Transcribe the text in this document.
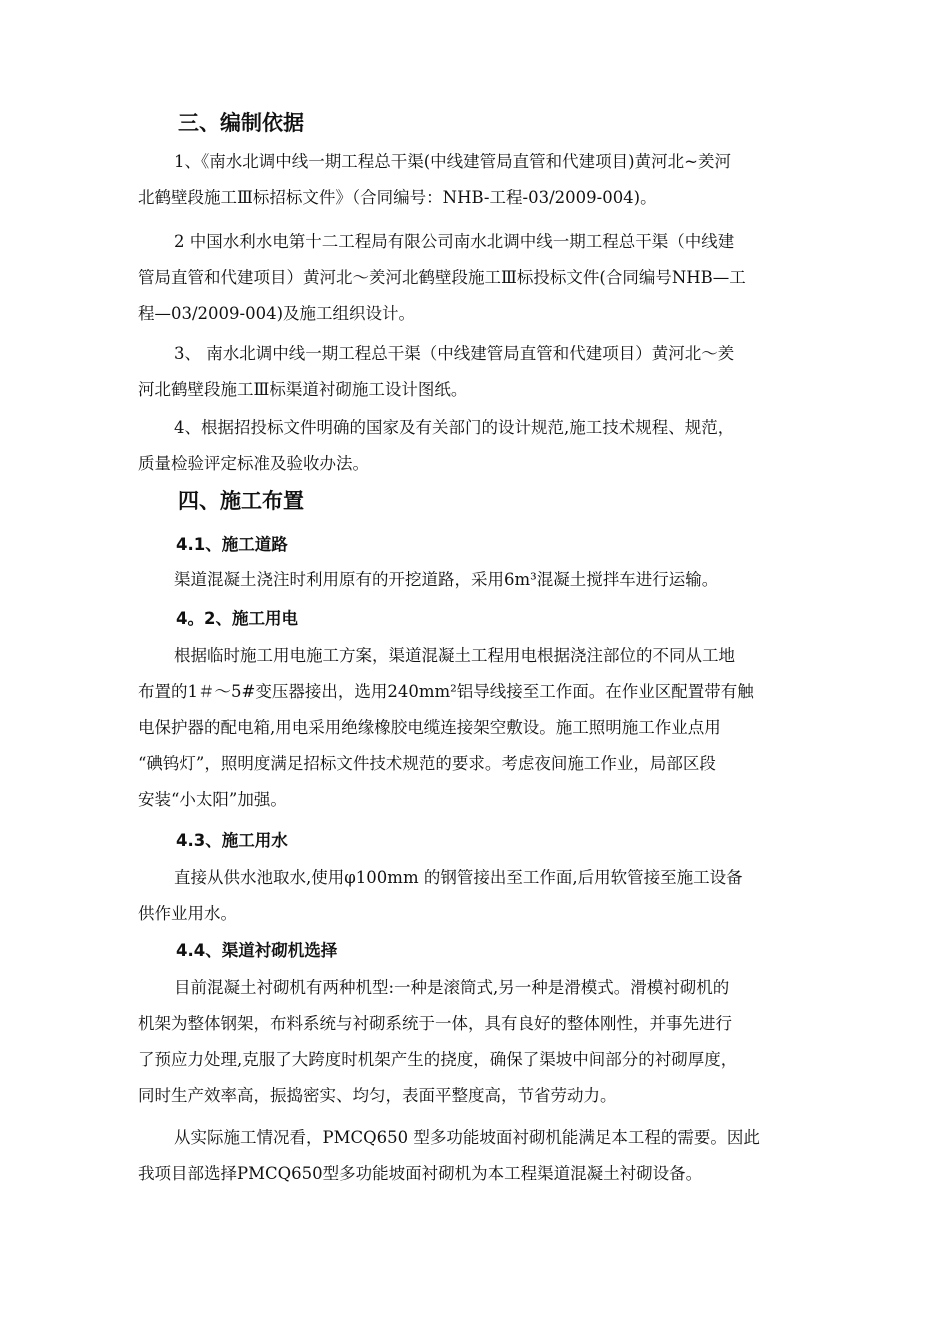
三、编制依据

1、《南水北调中线一期工程总干渠(中线建管局直管和代建项目)黄河北~羑河
北鹤壁段施工Ⅲ标招标文件》（合同编号：NHB-工程-03/2009-004)。

2 中国水利水电第十二工程局有限公司南水北调中线一期工程总干渠（中线建
管局直管和代建项目）黄河北～羑河北鹤壁段施工Ⅲ标投标文件(合同编号NHB—工
程—03/2009-004)及施工组织设计。

3、 南水北调中线一期工程总干渠（中线建管局直管和代建项目）黄河北～羑
河北鹤壁段施工Ⅲ标渠道衬砌施工设计图纸。

4、根据招投标文件明确的国家及有关部门的设计规范,施工技术规程、规范，
质量检验评定标准及验收办法。

四、施工布置
4.1、施工道路

渠道混凝土浇注时利用原有的开挖道路，采用6m³混凝土搅拌车进行运输。

4。2、施工用电

根据临时施工用电施工方案，渠道混凝土工程用电根据浇注部位的不同从工地
布置的1＃～5#变压器接出，选用240mm²铝导线接至工作面。在作业区配置带有触
电保护器的配电箱,用电采用绝缘橡胶电缆连接架空敷设。施工照明施工作业点用
“碘钨灯”，照明度满足招标文件技术规范的要求。考虑夜间施工作业，局部区段
安装“小太阳”加强。

4.3、施工用水

直接从供水池取水,使用φ100mm 的钢管接出至工作面,后用软管接至施工设备
供作业用水。

4.4、渠道衬砌机选择

目前混凝土衬砌机有两种机型:一种是滚筒式,另一种是滑模式。滑模衬砌机的
机架为整体钢架，布料系统与衬砌系统于一体，具有良好的整体刚性，并事先进行
了预应力处理,克服了大跨度时机架产生的挠度，确保了渠坡中间部分的衬砌厚度，
同时生产效率高，振捣密实、均匀，表面平整度高，节省劳动力。

从实际施工情况看，PMCQ650 型多功能坡面衬砌机能满足本工程的需要。因此
我项目部选择PMCQ650型多功能坡面衬砌机为本工程渠道混凝土衬砌设备。
